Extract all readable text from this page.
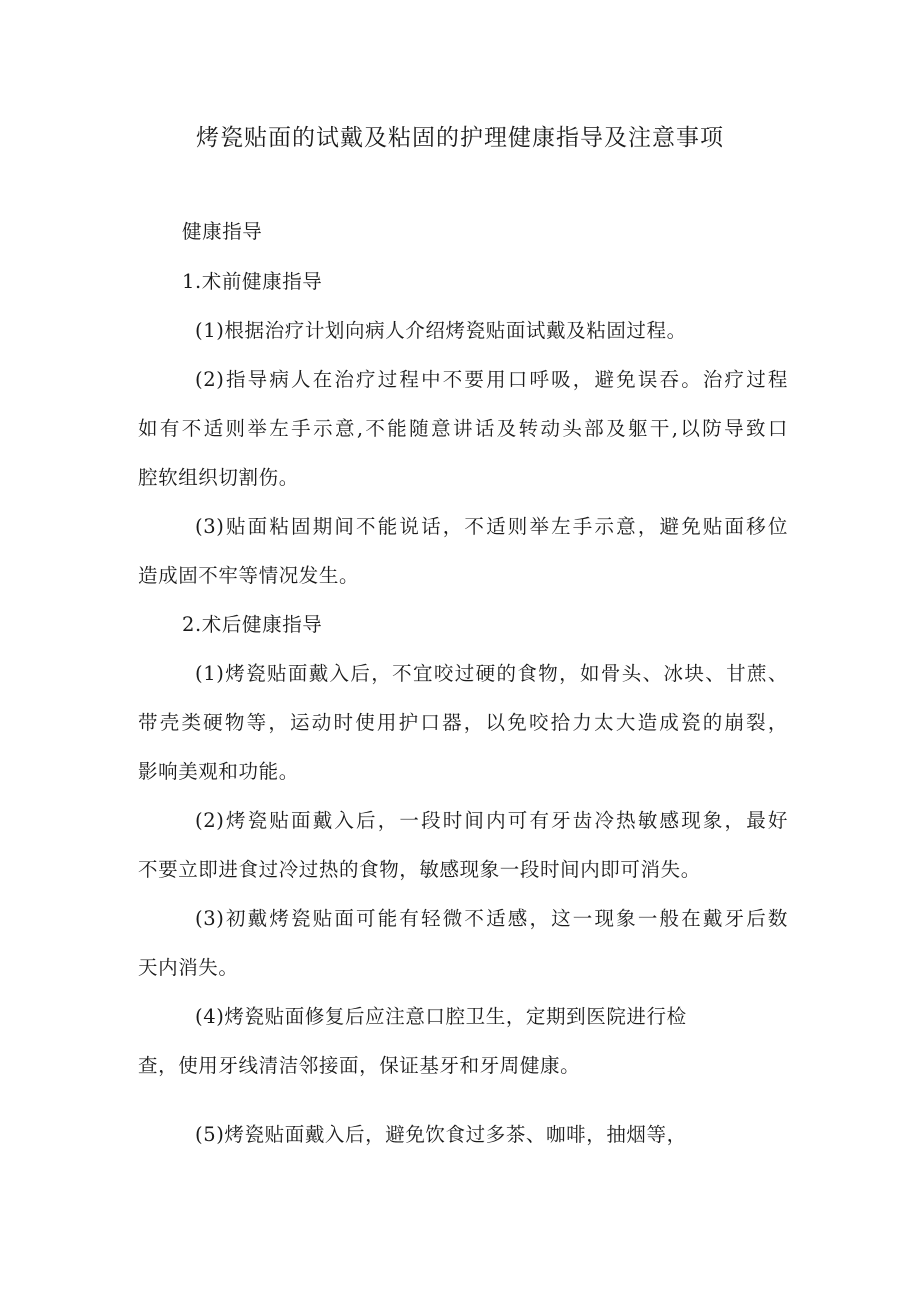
烤瓷贴面的试戴及粘固的护理健康指导及注意事项
健康指导
1.术前健康指导
(1)根据治疗计划向病人介绍烤瓷贴面试戴及粘固过程。
(2)指导病人在治疗过程中不要用口呼吸，避免误吞。治疗过程
如有不适则举左手示意,不能随意讲话及转动头部及躯干,以防导致口
腔软组织切割伤。
(3)贴面粘固期间不能说话，不适则举左手示意，避免贴面移位
造成固不牢等情况发生。
2.术后健康指导
(1)烤瓷贴面戴入后，不宜咬过硬的食物，如骨头、冰块、甘蔗、
带壳类硬物等，运动时使用护口器，以免咬拾力太大造成瓷的崩裂，
影响美观和功能。
(2)烤瓷贴面戴入后，一段时间内可有牙齿冷热敏感现象，最好
不要立即进食过冷过热的食物，敏感现象一段时间内即可消失。
(3)初戴烤瓷贴面可能有轻微不适感，这一现象一般在戴牙后数
天内消失。
(4)烤瓷贴面修复后应注意口腔卫生，定期到医院进行检
查，使用牙线清洁邻接面，保证基牙和牙周健康。
(5)烤瓷贴面戴入后，避免饮食过多茶、咖啡，抽烟等，
